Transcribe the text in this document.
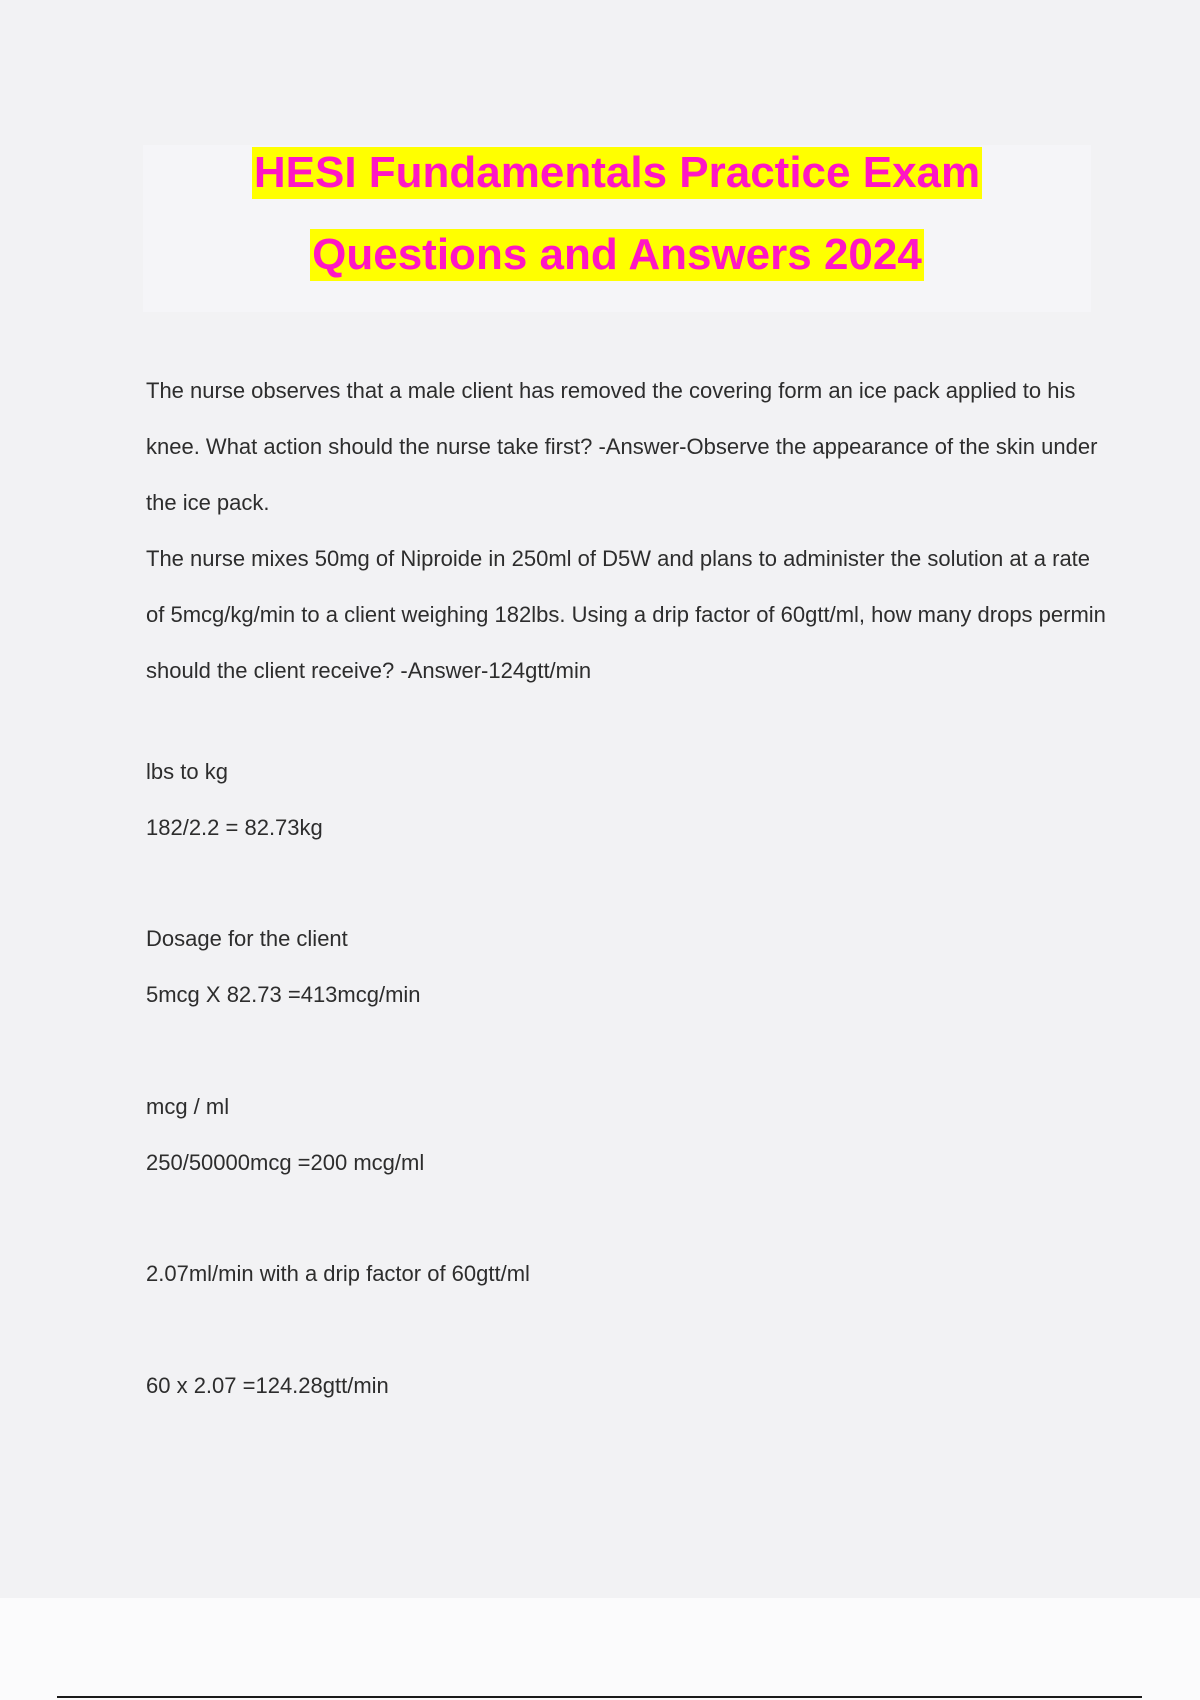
HESI Fundamentals Practice Exam
Questions and Answers 2024

The nurse observes that a male client has removed the covering form an ice pack applied to his knee. What action should the nurse take first? -Answer-Observe the appearance of the skin under the ice pack.

The nurse mixes 50mg of Niproide in 250ml of D5W and plans to administer the solution at a rate of 5mcg/kg/min to a client weighing 182lbs. Using a drip factor of 60gtt/ml, how many drops permin should the client receive? -Answer-124gtt/min

lbs to kg
182/2.2 = 82.73kg
Dosage for the client
5mcg X 82.73 =413mcg/min
mcg / ml
250/50000mcg =200 mcg/ml
2.07ml/min with a drip factor of 60gtt/ml
60 x 2.07 =124.28gtt/min
